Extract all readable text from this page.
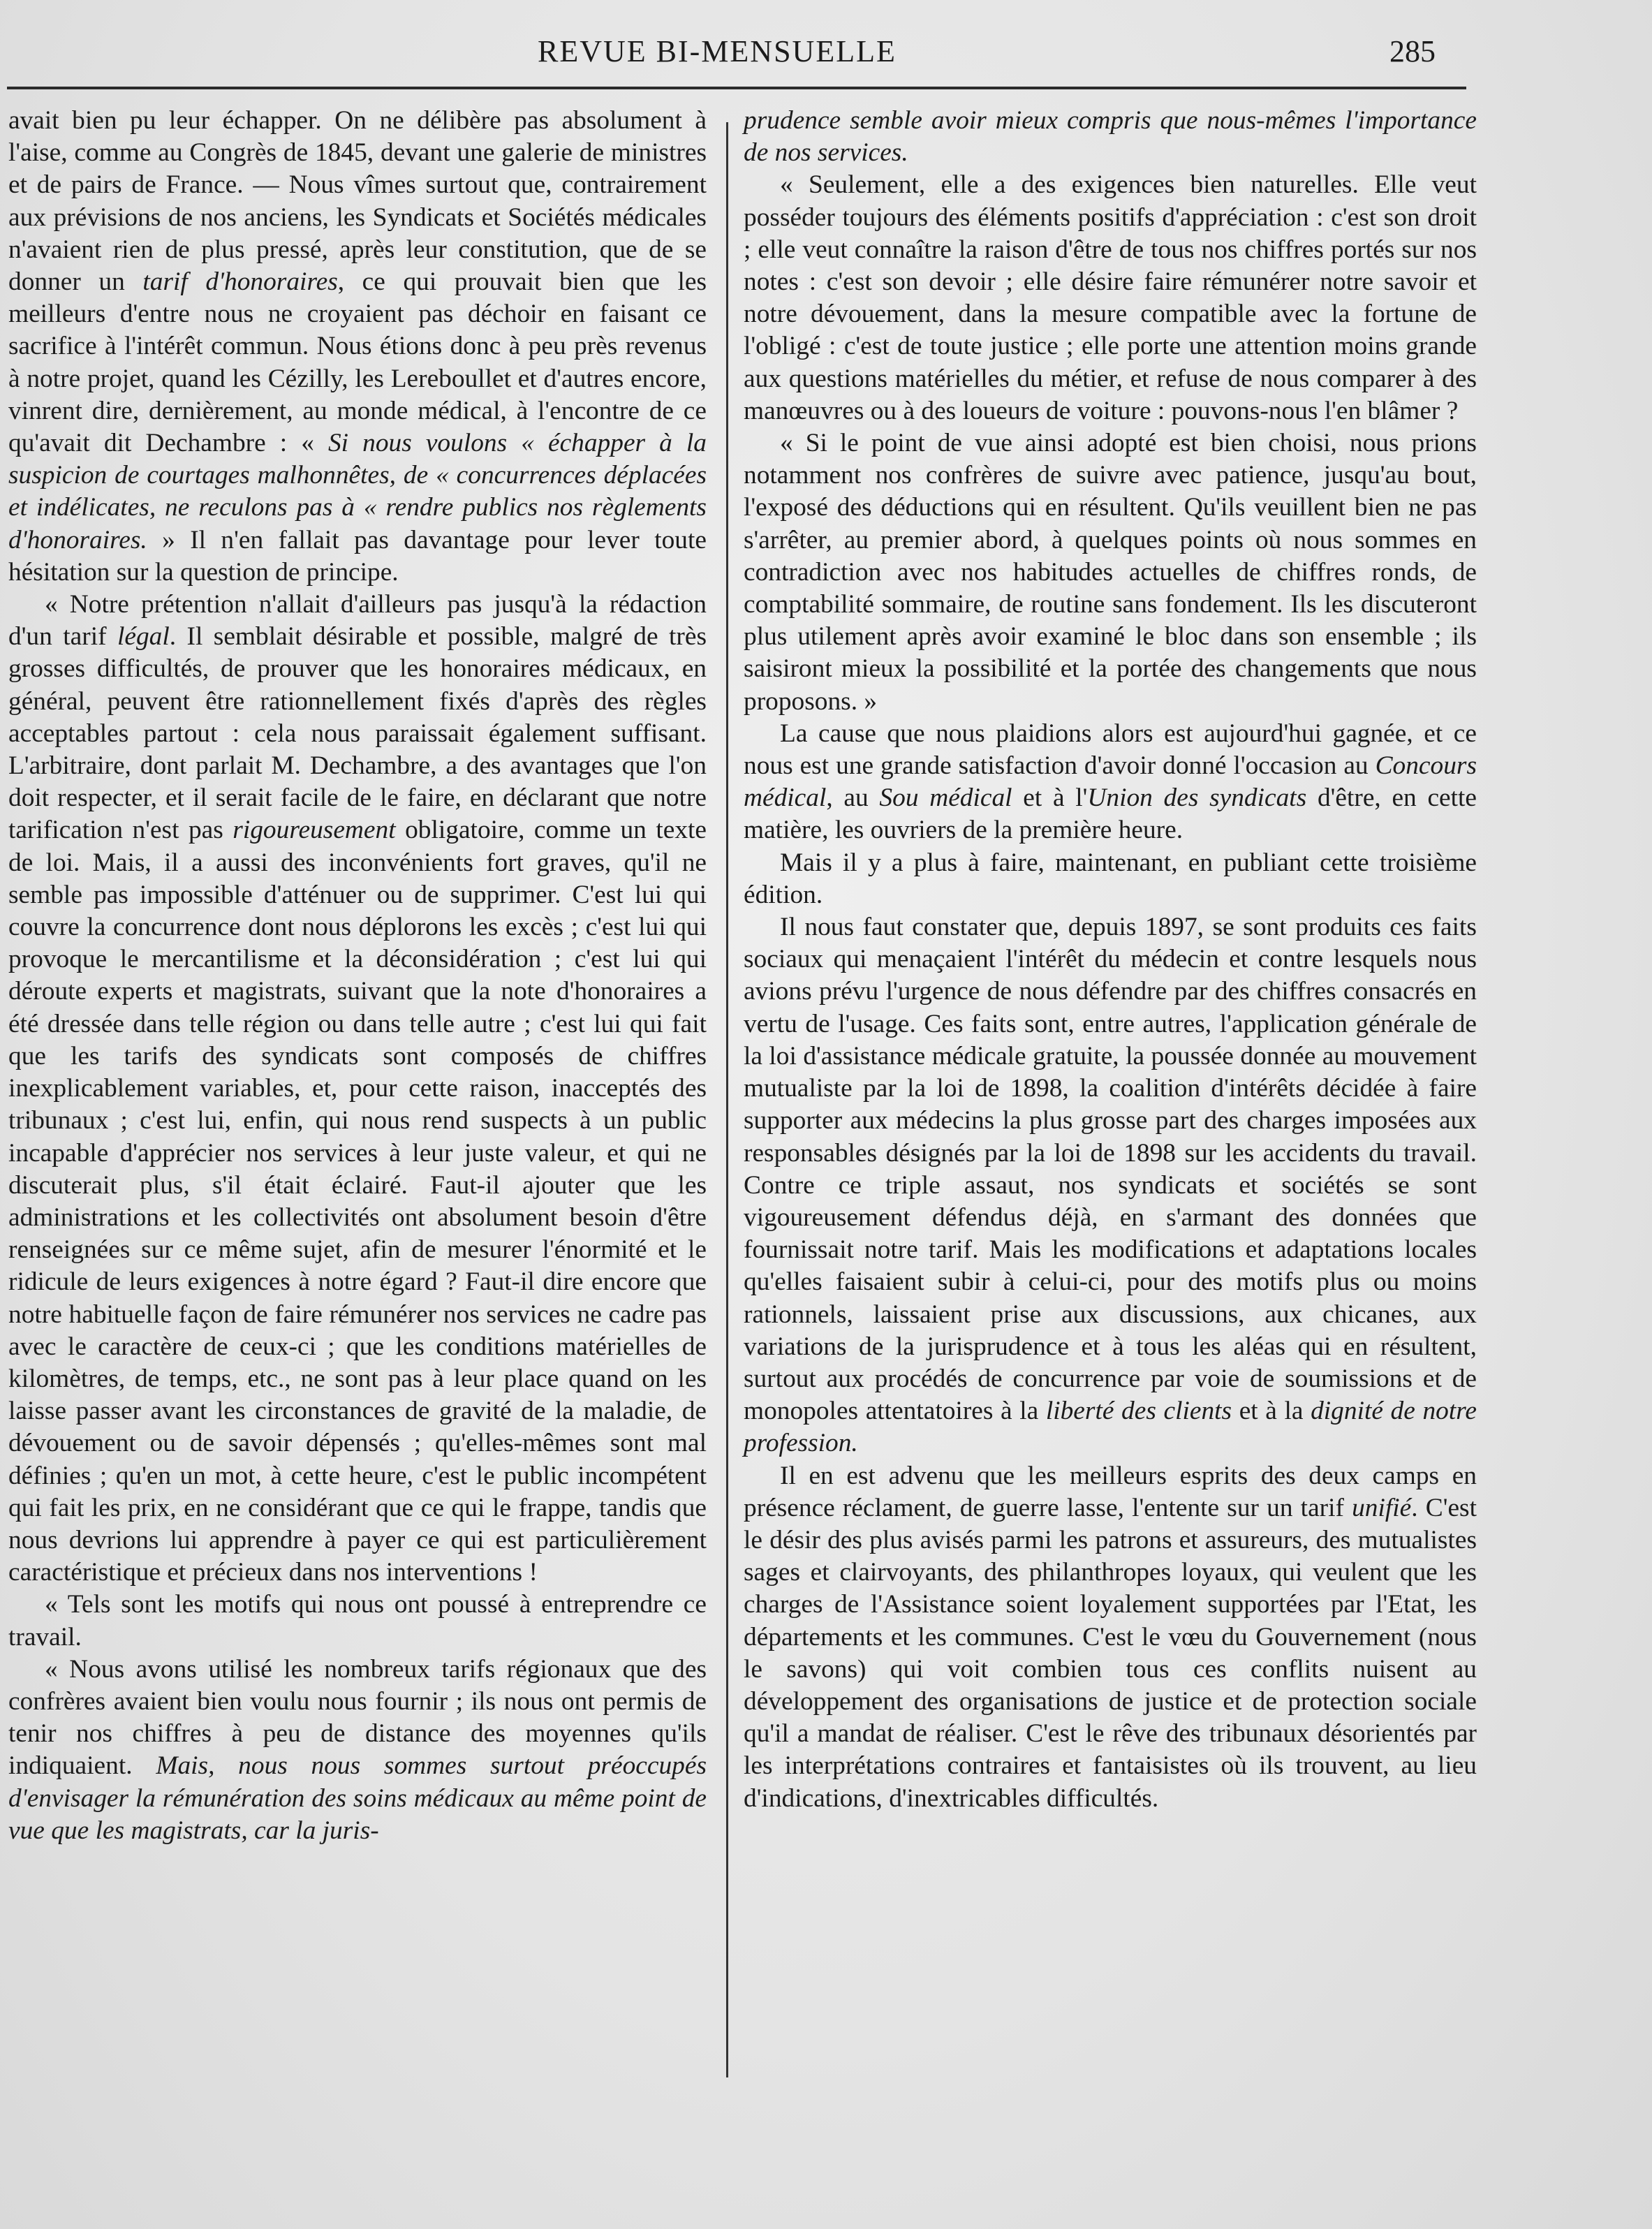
REVUE BI-MENSUELLE	285

avait bien pu leur échapper. On ne délibère pas absolument à l'aise, comme au Congrès de 1845, devant une galerie de ministres et de pairs de France. — Nous vîmes surtout que, contrairement aux prévisions de nos anciens, les Syndicats et Sociétés médicales n'avaient rien de plus pressé, après leur constitution, que de se donner un tarif d'honoraires, ce qui prouvait bien que les meilleurs d'entre nous ne croyaient pas déchoir en faisant ce sacrifice à l'intérêt commun. Nous étions donc à peu près revenus à notre projet, quand les Cézilly, les Lereboullet et d'autres encore, vinrent dire, dernièrement, au monde médical, à l'encontre de ce qu'avait dit Dechambre : « Si nous voulons « échapper à la suspicion de courtages malhonnêtes, de « concurrences déplacées et indélicates, ne reculons pas à « rendre publics nos règlements d'honoraires. » Il n'en fallait pas davantage pour lever toute hésitation sur la question de principe.

« Notre prétention n'allait d'ailleurs pas jusqu'à la rédaction d'un tarif légal. Il semblait désirable et possible, malgré de très grosses difficultés, de prouver que les honoraires médicaux, en général, peuvent être rationnellement fixés d'après des règles acceptables partout : cela nous paraissait également suffisant. L'arbitraire, dont parlait M. Dechambre, a des avantages que l'on doit respecter, et il serait facile de le faire, en déclarant que notre tarification n'est pas rigoureusement obligatoire, comme un texte de loi. Mais, il a aussi des inconvénients fort graves, qu'il ne semble pas impossible d'atténuer ou de supprimer. C'est lui qui couvre la concurrence dont nous déplorons les excès ; c'est lui qui provoque le mercantilisme et la déconsidération ; c'est lui qui déroute experts et magistrats, suivant que la note d'honoraires a été dressée dans telle région ou dans telle autre ; c'est lui qui fait que les tarifs des syndicats sont composés de chiffres inexplicablement variables, et, pour cette raison, inacceptés des tribunaux ; c'est lui, enfin, qui nous rend suspects à un public incapable d'apprécier nos services à leur juste valeur, et qui ne discuterait plus, s'il était éclairé. Faut-il ajouter que les administrations et les collectivités ont absolument besoin d'être renseignées sur ce même sujet, afin de mesurer l'énormité et le ridicule de leurs exigences à notre égard ? Faut-il dire encore que notre habituelle façon de faire rémunérer nos services ne cadre pas avec le caractère de ceux-ci ; que les conditions matérielles de kilomètres, de temps, etc., ne sont pas à leur place quand on les laisse passer avant les circonstances de gravité de la maladie, de dévouement ou de savoir dépensés ; qu'elles-mêmes sont mal définies ; qu'en un mot, à cette heure, c'est le public incompétent qui fait les prix, en ne considérant que ce qui le frappe, tandis que nous devrions lui apprendre à payer ce qui est particulièrement caractéristique et précieux dans nos interventions !

« Tels sont les motifs qui nous ont poussé à entreprendre ce travail.

« Nous avons utilisé les nombreux tarifs régionaux que des confrères avaient bien voulu nous fournir ; ils nous ont permis de tenir nos chiffres à peu de distance des moyennes qu'ils indiquaient. Mais, nous nous sommes surtout préoccupés d'envisager la rémunération des soins médicaux au même point de vue que les magistrats, car la juris-

prudence semble avoir mieux compris que nous-mêmes l'importance de nos services.

« Seulement, elle a des exigences bien naturelles. Elle veut posséder toujours des éléments positifs d'appréciation : c'est son droit ; elle veut connaître la raison d'être de tous nos chiffres portés sur nos notes : c'est son devoir ; elle désire faire rémunérer notre savoir et notre dévouement, dans la mesure compatible avec la fortune de l'obligé : c'est de toute justice ; elle porte une attention moins grande aux questions matérielles du métier, et refuse de nous comparer à des manœuvres ou à des loueurs de voiture : pouvons-nous l'en blâmer ?

« Si le point de vue ainsi adopté est bien choisi, nous prions notamment nos confrères de suivre avec patience, jusqu'au bout, l'exposé des déductions qui en résultent. Qu'ils veuillent bien ne pas s'arrêter, au premier abord, à quelques points où nous sommes en contradiction avec nos habitudes actuelles de chiffres ronds, de comptabilité sommaire, de routine sans fondement. Ils les discuteront plus utilement après avoir examiné le bloc dans son ensemble ; ils saisiront mieux la possibilité et la portée des changements que nous proposons. »

La cause que nous plaidions alors est aujourd'hui gagnée, et ce nous est une grande satisfaction d'avoir donné l'occasion au Concours médical, au Sou médical et à l'Union des syndicats d'être, en cette matière, les ouvriers de la première heure.

Mais il y a plus à faire, maintenant, en publiant cette troisième édition.

Il nous faut constater que, depuis 1897, se sont produits ces faits sociaux qui menaçaient l'intérêt du médecin et contre lesquels nous avions prévu l'urgence de nous défendre par des chiffres consacrés en vertu de l'usage. Ces faits sont, entre autres, l'application générale de la loi d'assistance médicale gratuite, la poussée donnée au mouvement mutualiste par la loi de 1898, la coalition d'intérêts décidée à faire supporter aux médecins la plus grosse part des charges imposées aux responsables désignés par la loi de 1898 sur les accidents du travail. Contre ce triple assaut, nos syndicats et sociétés se sont vigoureusement défendus déjà, en s'armant des données que fournissait notre tarif. Mais les modifications et adaptations locales qu'elles faisaient subir à celui-ci, pour des motifs plus ou moins rationnels, laissaient prise aux discussions, aux chicanes, aux variations de la jurisprudence et à tous les aléas qui en résultent, surtout aux procédés de concurrence par voie de soumissions et de monopoles attentatoires à la liberté des clients et à la dignité de notre profession.

Il en est advenu que les meilleurs esprits des deux camps en présence réclament, de guerre lasse, l'entente sur un tarif unifié. C'est le désir des plus avisés parmi les patrons et assureurs, des mutualistes sages et clairvoyants, des philanthropes loyaux, qui veulent que les charges de l'Assistance soient loyalement supportées par l'Etat, les départements et les communes. C'est le vœu du Gouvernement (nous le savons) qui voit combien tous ces conflits nuisent au développement des organisations de justice et de protection sociale qu'il a mandat de réaliser. C'est le rêve des tribunaux désorientés par les interprétations contraires et fantaisistes où ils trouvent, au lieu d'indications, d'inextricables difficultés.
